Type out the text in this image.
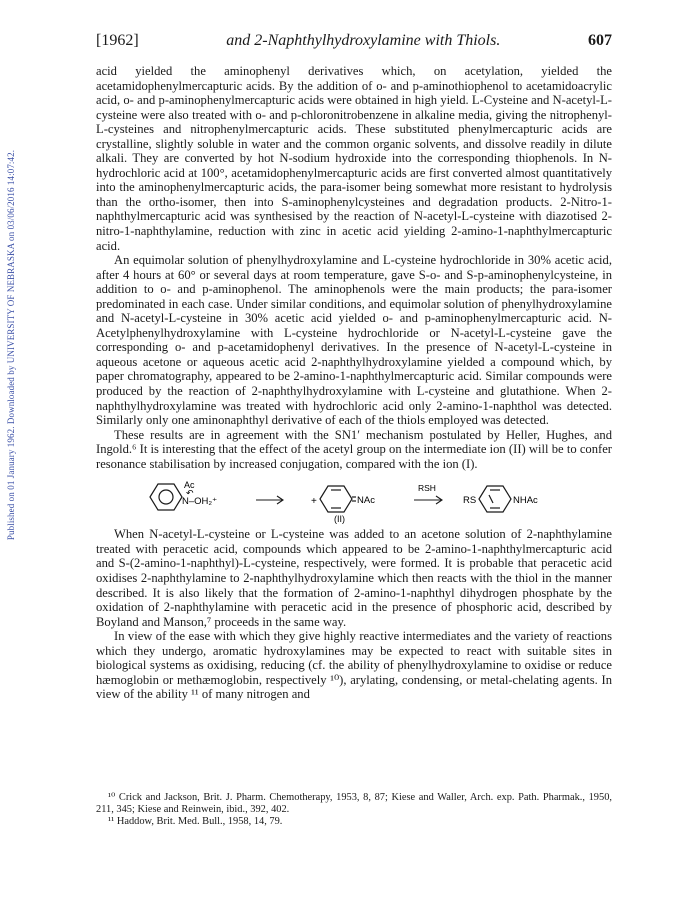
Published on 01 January 1962. Downloaded by UNIVERSITY OF NEBRASKA on 03/06/2016 14:07:42.
[1962]	and 2-Naphthylhydroxylamine with Thiols.	607

acid yielded the aminophenyl derivatives which, on acetylation, yielded the acetamidophenylmercapturic acids. By the addition of o- and p-aminothiophenol to acetamidoacrylic acid, o- and p-aminophenylmercapturic acids were obtained in high yield. L-Cysteine and N-acetyl-L-cysteine were also treated with o- and p-chloronitrobenzene in alkaline media, giving the nitrophenyl-L-cysteines and nitrophenylmercapturic acids. These substituted phenylmercapturic acids are crystalline, slightly soluble in water and the common organic solvents, and dissolve readily in dilute alkali. They are converted by hot N-sodium hydroxide into the corresponding thiophenols. In N-hydrochloric acid at 100°, acetamidophenylmercapturic acids are first converted almost quantitatively into the aminophenylmercapturic acids, the para-isomer being somewhat more resistant to hydrolysis than the ortho-isomer, then into S-aminophenylcysteines and degradation products. 2-Nitro-1-naphthylmercapturic acid was synthesised by the reaction of N-acetyl-L-cysteine with diazotised 2-nitro-1-naphthylamine, reduction with zinc in acetic acid yielding 2-amino-1-naphthylmercapturic acid.

An equimolar solution of phenylhydroxylamine and L-cysteine hydrochloride in 30% acetic acid, after 4 hours at 60° or several days at room temperature, gave S-o- and S-p-aminophenylcysteine, in addition to o- and p-aminophenol. The aminophenols were the main products; the para-isomer predominated in each case. Under similar conditions, and equimolar solution of phenylhydroxylamine and N-acetyl-L-cysteine in 30% acetic acid yielded o- and p-aminophenylmercapturic acid. N-Acetylphenylhydroxylamine with L-cysteine hydrochloride or N-acetyl-L-cysteine gave the corresponding o- and p-acetamidophenyl derivatives. In the presence of N-acetyl-L-cysteine in aqueous acetone or aqueous acetic acid 2-naphthylhydroxylamine yielded a compound which, by paper chromatography, appeared to be 2-amino-1-naphthylmercapturic acid. Similar compounds were produced by the reaction of 2-naphthylhydroxylamine with L-cysteine and glutathione. When 2-naphthylhydroxylamine was treated with hydrochloric acid only 2-amino-1-naphthol was detected. Similarly only one aminonaphthyl derivative of each of the thiols employed was detected.

These results are in agreement with the SN1′ mechanism postulated by Heller, Hughes, and Ingold.⁶ It is interesting that the effect of the acetyl group on the intermediate ion (II) will be to confer resonance stabilisation by increased conjugation, compared with the ion (I).

Ac
↶
N–OH₂⁺	+	NAc
(II)
RSH
RS	NHAc

When N-acetyl-L-cysteine or L-cysteine was added to an acetone solution of 2-naphthylamine treated with peracetic acid, compounds which appeared to be 2-amino-1-naphthylmercapturic acid and S-(2-amino-1-naphthyl)-L-cysteine, respectively, were formed. It is probable that peracetic acid oxidises 2-naphthylamine to 2-naphthylhydroxylamine which then reacts with the thiol in the manner described. It is also likely that the formation of 2-amino-1-naphthyl dihydrogen phosphate by the oxidation of 2-naphthylamine with peracetic acid in the presence of phosphoric acid, described by Boyland and Manson,⁷ proceeds in the same way.

In view of the ease with which they give highly reactive intermediates and the variety of reactions which they undergo, aromatic hydroxylamines may be expected to react with suitable sites in biological systems as oxidising, reducing (cf. the ability of phenylhydroxylamine to oxidise or reduce hæmoglobin or methæmoglobin, respectively ¹⁰), arylating, condensing, or metal-chelating agents. In view of the ability ¹¹ of many nitrogen and

¹⁰ Crick and Jackson, Brit. J. Pharm. Chemotherapy, 1953, 8, 87; Kiese and Waller, Arch. exp. Path. Pharmak., 1950, 211, 345; Kiese and Reinwein, ibid., 392, 402.
¹¹ Haddow, Brit. Med. Bull., 1958, 14, 79.
